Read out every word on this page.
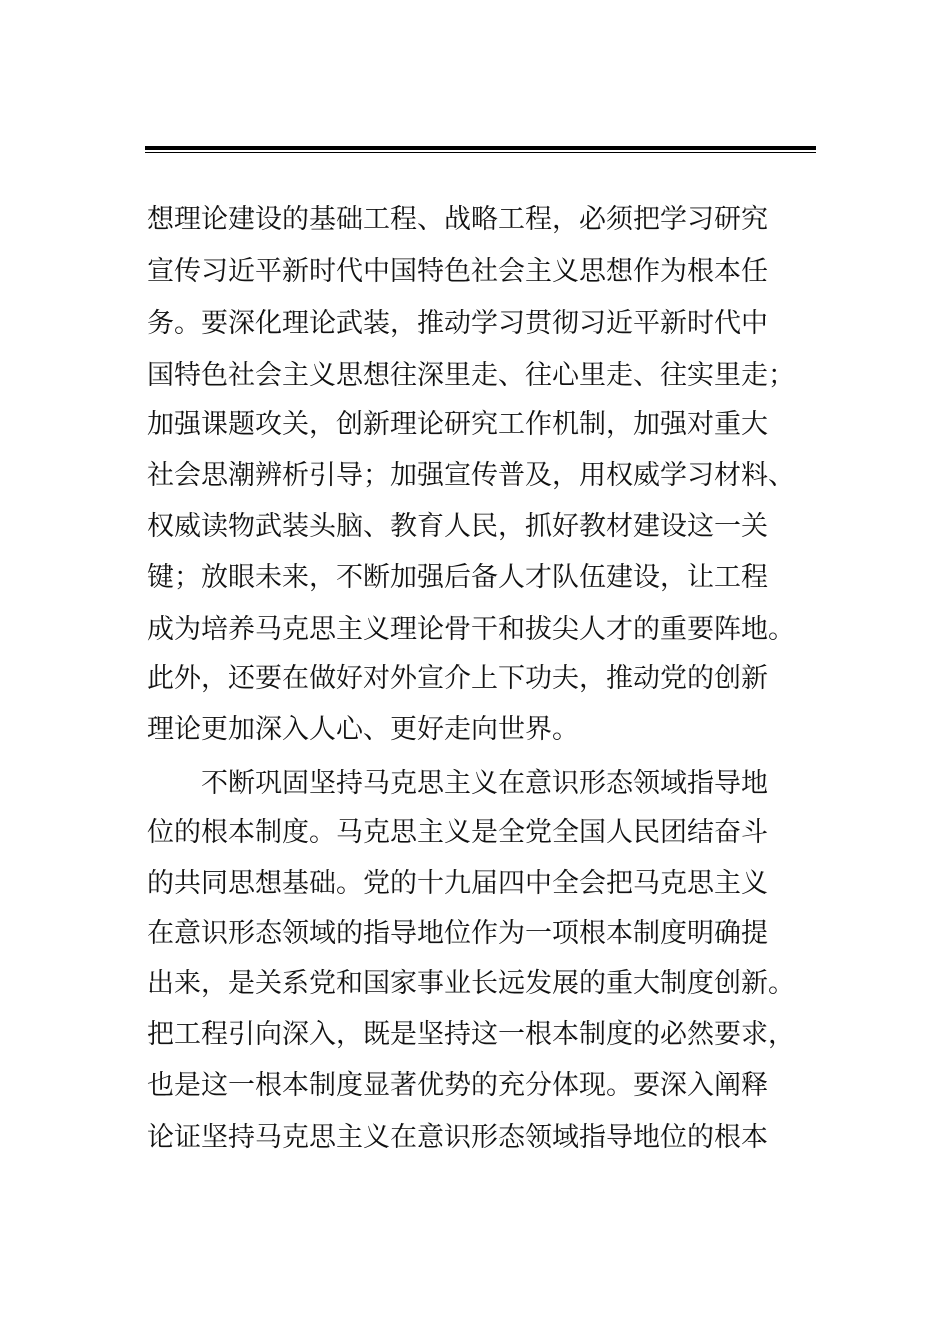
想理论建设的基础工程、战略工程，必须把学习研究
宣传习近平新时代中国特色社会主义思想作为根本任
务。要深化理论武装，推动学习贯彻习近平新时代中
国特色社会主义思想往深里走、往心里走、往实里走；
加强课题攻关，创新理论研究工作机制，加强对重大
社会思潮辨析引导；加强宣传普及，用权威学习材料、
权威读物武装头脑、教育人民，抓好教材建设这一关
键；放眼未来，不断加强后备人才队伍建设，让工程
成为培养马克思主义理论骨干和拔尖人才的重要阵地。
此外，还要在做好对外宣介上下功夫，推动党的创新
理论更加深入人心、更好走向世界。
不断巩固坚持马克思主义在意识形态领域指导地
位的根本制度。马克思主义是全党全国人民团结奋斗
的共同思想基础。党的十九届四中全会把马克思主义
在意识形态领域的指导地位作为一项根本制度明确提
出来，是关系党和国家事业长远发展的重大制度创新。
把工程引向深入，既是坚持这一根本制度的必然要求，
也是这一根本制度显著优势的充分体现。要深入阐释
论证坚持马克思主义在意识形态领域指导地位的根本
